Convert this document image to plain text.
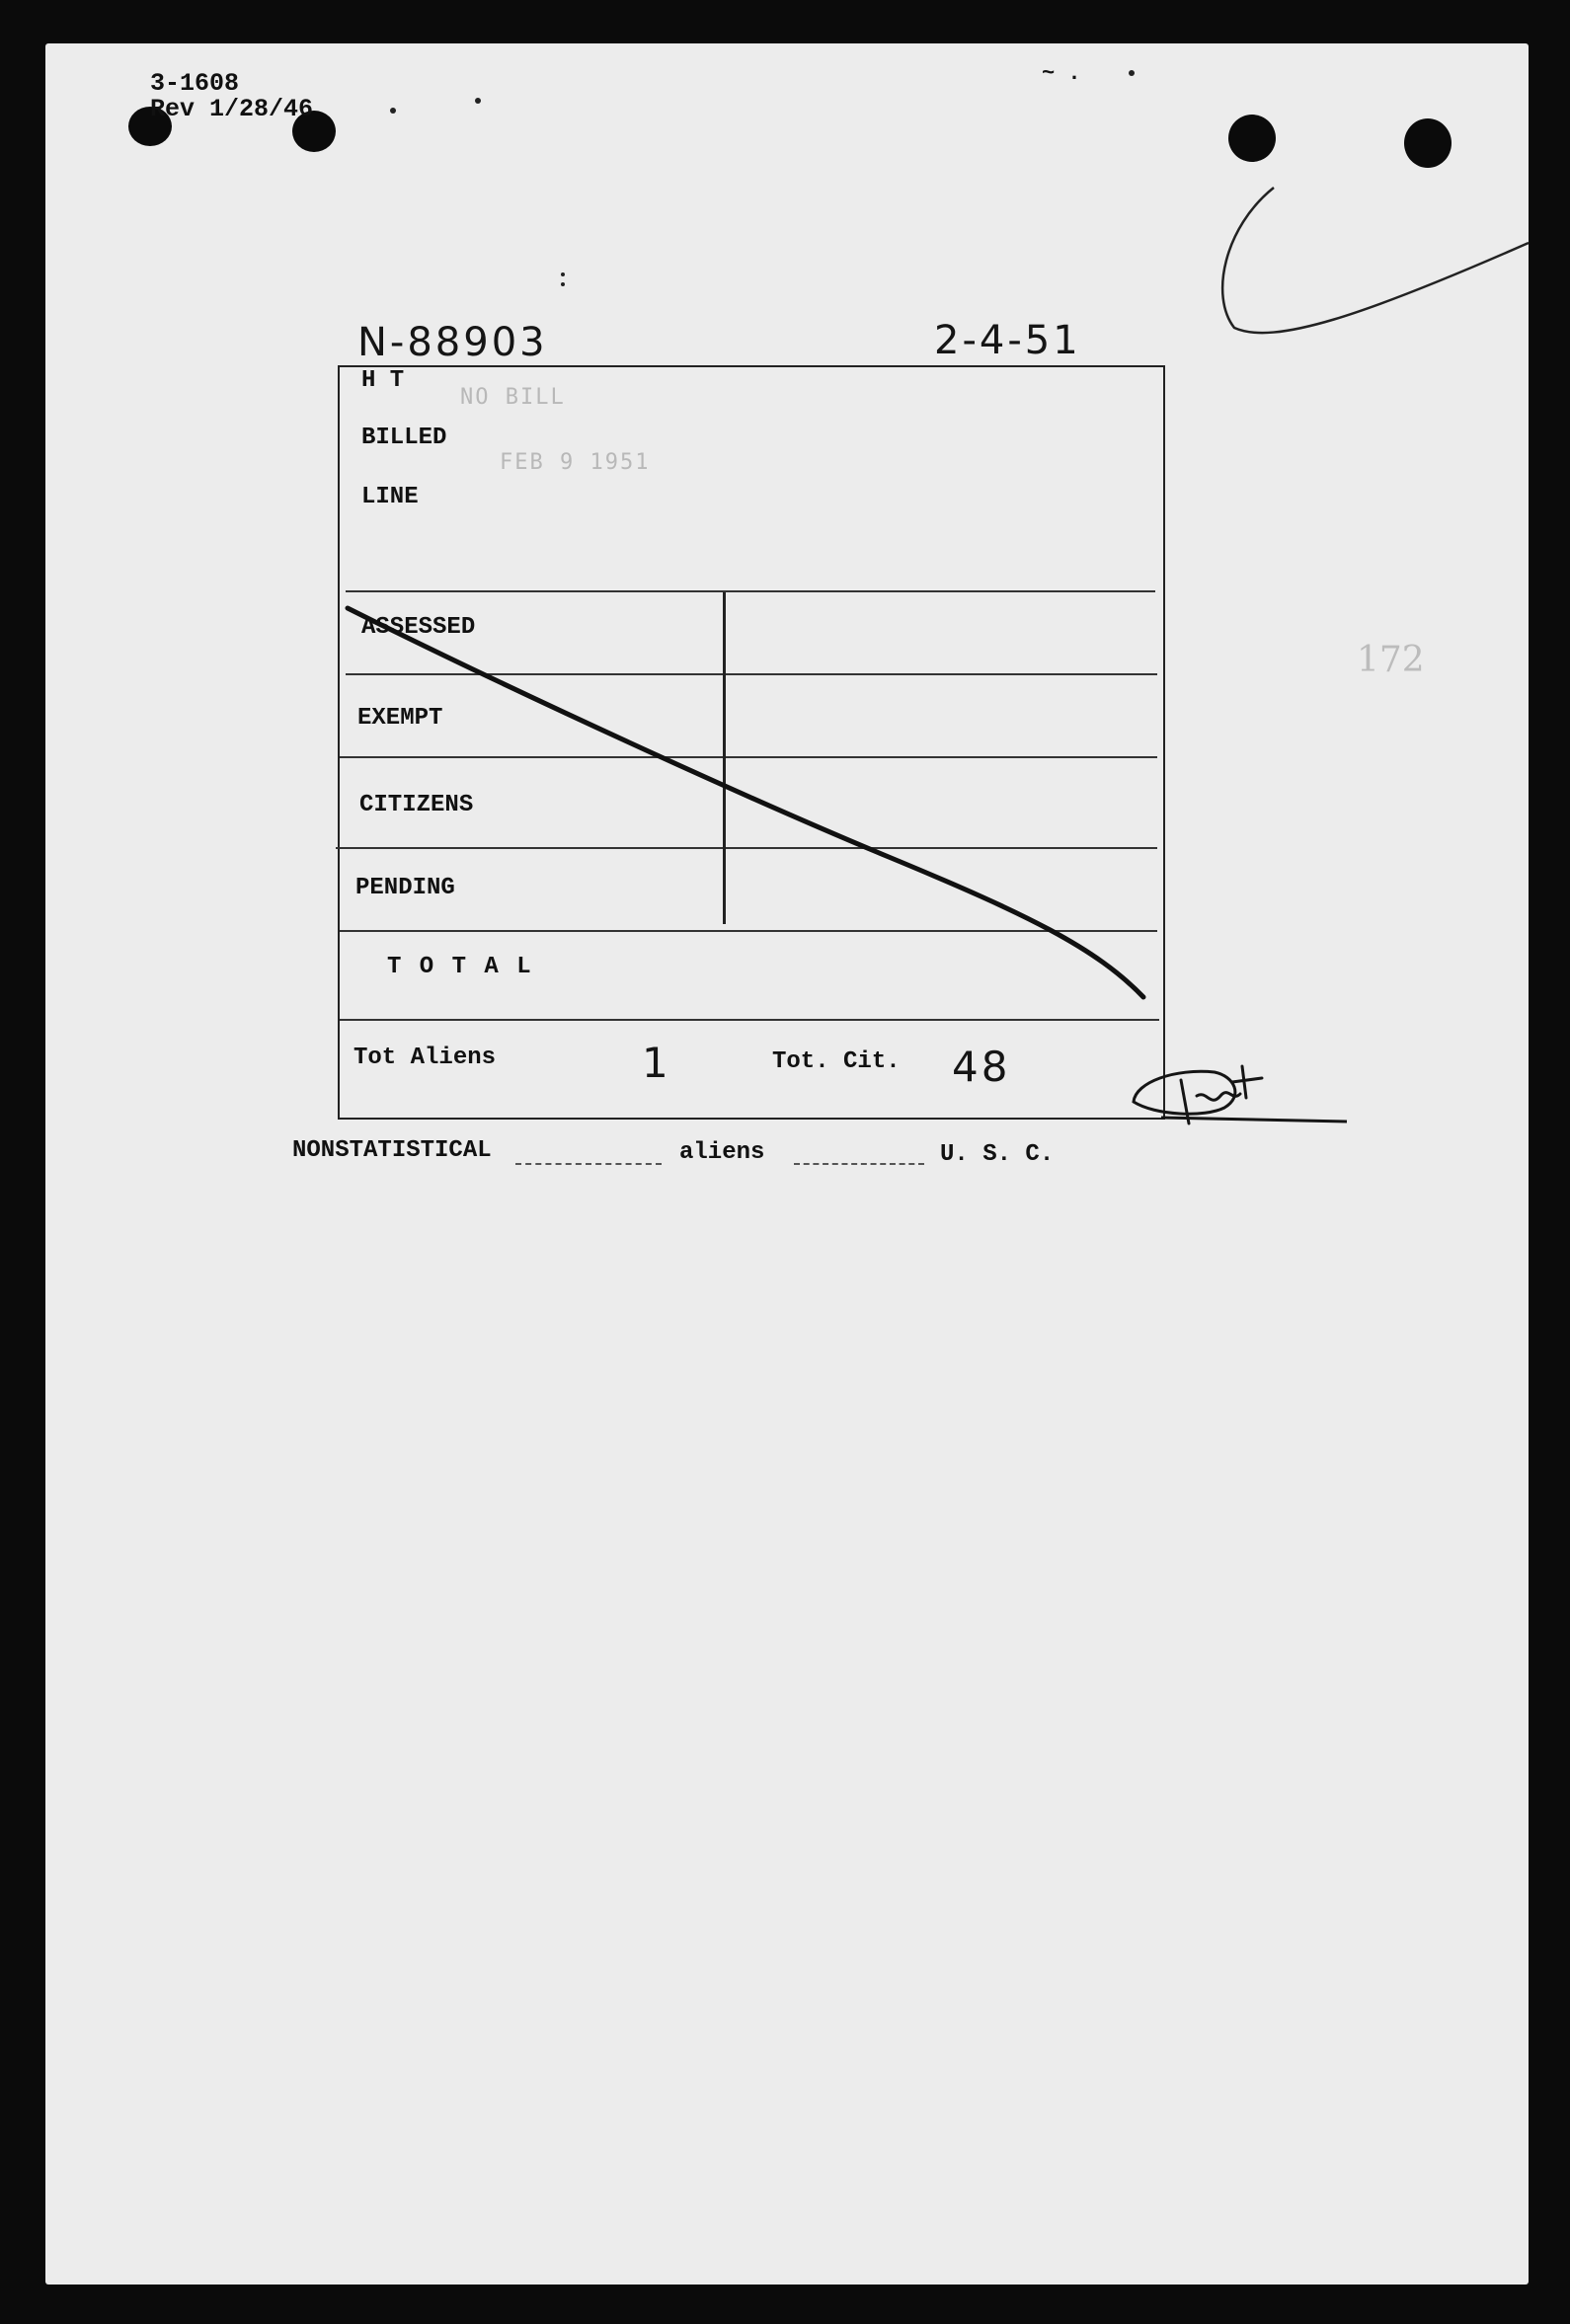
3-1608
Rev 1/28/46
~ .
N-88903	2-4-51
H T
NO BILL
BILLED
FEB 9 1951
LINE
ASSESSED
EXEMPT
CITIZENS
PENDING
T O T A L
Tot Aliens	1	Tot. Cit. 48
NONSTATISTICAL	aliens	U. S. C.
172
